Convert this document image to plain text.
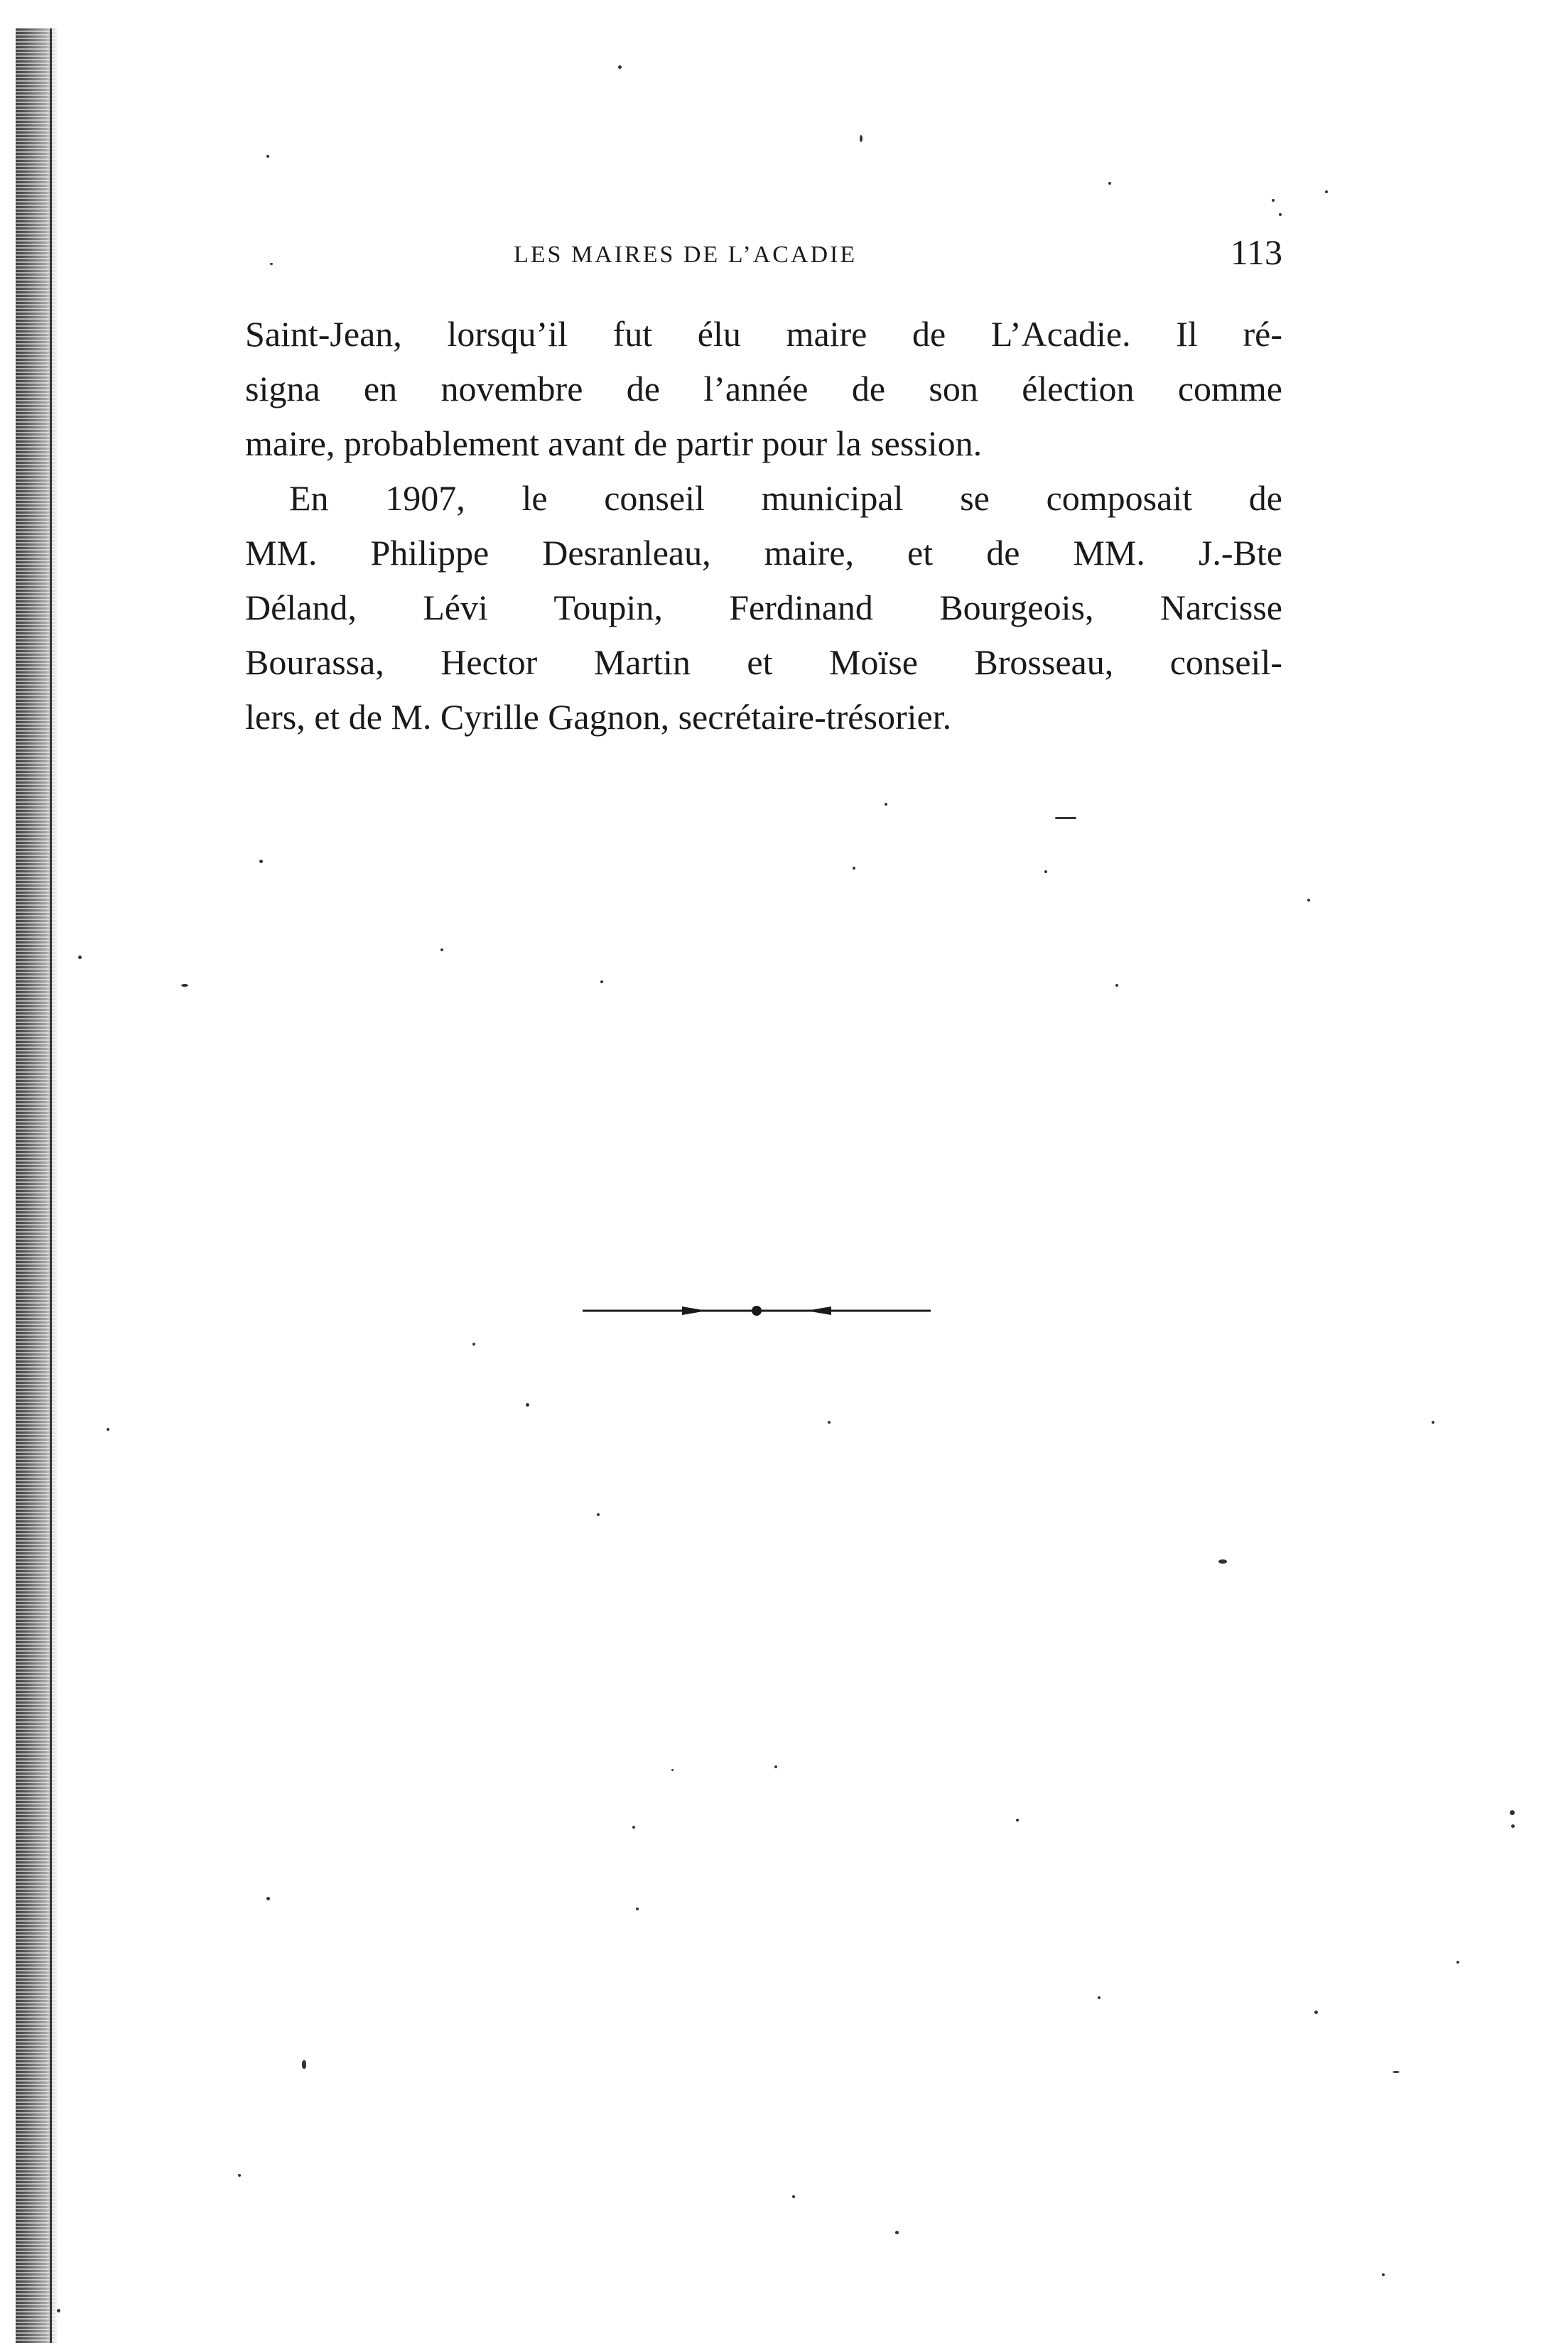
LES MAIRES DE L’ACADIE	113
Saint-Jean, lorsqu’il fut élu maire de L’Acadie. Il ré-
signa en novembre de l’année de son élection comme
maire, probablement avant de partir pour la session.
En 1907, le conseil municipal se composait de
MM. Philippe Desranleau, maire, et de MM. J.-Bte
Déland, Lévi Toupin, Ferdinand Bourgeois, Narcisse
Bourassa, Hector Martin et Moïse Brosseau, conseil-
lers, et de M. Cyrille Gagnon, secrétaire-trésorier.
